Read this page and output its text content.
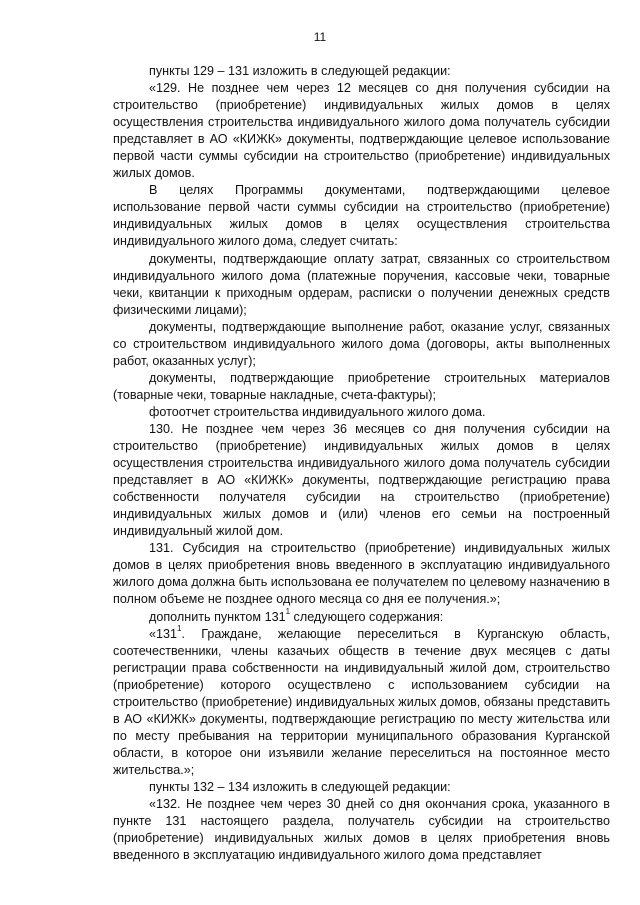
11

пункты 129 – 131 изложить в следующей редакции:

«129. Не позднее чем через 12 месяцев со дня получения субсидии на строительство (приобретение) индивидуальных жилых домов в целях осуществления строительства индивидуального жилого дома получатель субсидии представляет в АО «КИЖК» документы, подтверждающие целевое использование первой части суммы субсидии на строительство (приобретение) индивидуальных жилых домов.

В целях Программы документами, подтверждающими целевое использование первой части суммы субсидии на строительство (приобретение) индивидуальных жилых домов в целях осуществления строительства индивидуального жилого дома, следует считать:

документы, подтверждающие оплату затрат, связанных со строительством индивидуального жилого дома (платежные поручения, кассовые чеки, товарные чеки, квитанции к приходным ордерам, расписки о получении денежных средств физическими лицами);

документы, подтверждающие выполнение работ, оказание услуг, связанных со строительством индивидуального жилого дома (договоры, акты выполненных работ, оказанных услуг);

документы, подтверждающие приобретение строительных материалов (товарные чеки, товарные накладные, счета-фактуры);

фотоотчет строительства индивидуального жилого дома.

130. Не позднее чем через 36 месяцев со дня получения субсидии на строительство (приобретение) индивидуальных жилых домов в целях осуществления строительства индивидуального жилого дома получатель субсидии представляет в АО «КИЖК» документы, подтверждающие регистрацию права собственности получателя субсидии на строительство (приобретение) индивидуальных жилых домов и (или) членов его семьи на построенный индивидуальный жилой дом.

131. Субсидия на строительство (приобретение) индивидуальных жилых домов в целях приобретения вновь введенного в эксплуатацию индивидуального жилого дома должна быть использована ее получателем по целевому назначению в полном объеме не позднее одного месяца со дня ее получения.»;

дополнить пунктом $131^1$ следующего содержания:

«$131^1$. Граждане, желающие переселиться в Курганскую область, соотечественники, члены казачьих обществ в течение двух месяцев с даты регистрации права собственности на индивидуальный жилой дом, строительство (приобретение) которого осуществлено с использованием субсидии на строительство (приобретение) индивидуальных жилых домов, обязаны представить в АО «КИЖК» документы, подтверждающие регистрацию по месту жительства или по месту пребывания на территории муниципального образования Курганской области, в которое они изъявили желание переселиться на постоянное место жительства.»;

пункты 132 – 134 изложить в следующей редакции:

«132. Не позднее чем через 30 дней со дня окончания срока, указанного в пункте 131 настоящего раздела, получатель субсидии на строительство (приобретение) индивидуальных жилых домов в целях приобретения вновь введенного в эксплуатацию индивидуального жилого дома представляет
